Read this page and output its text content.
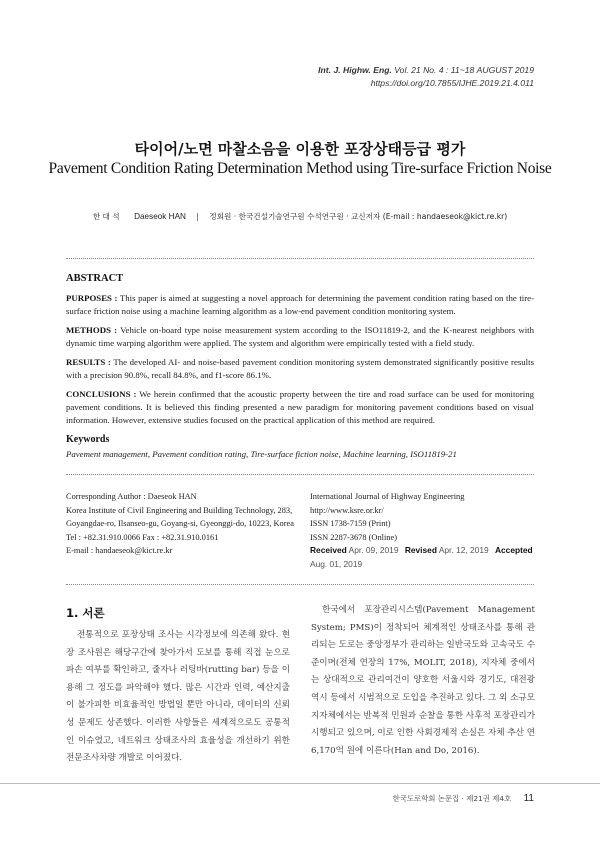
Int. J. Highw. Eng. Vol. 21 No. 4 : 11~18 AUGUST 2019
https://doi.org/10.7855/IJHE.2019.21.4.011
타이어/노면 마찰소음을 이용한 포장상태등급 평가
Pavement Condition Rating Determination Method using Tire-surface Friction Noise
한 대 석 Daeseok HAN | 정회원 · 한국건설기술연구원 수석연구원 · 교신저자 (E-mail : handaeseok@kict.re.kr)
ABSTRACT

PURPOSES : This paper is aimed at suggesting a novel approach for determining the pavement condition rating based on the tire-surface friction noise using a machine learning algorithm as a low-end pavement condition monitoring system.

METHODS : Vehicle on-board type noise measurement system according to the ISO11819-2, and the K-nearest neighbors with dynamic time warping algorithm were applied. The system and algorithm were empirically tested with a field study.

RESULTS : The developed AI- and noise-based pavement condition monitoring system demonstrated significantly positive results with a precision 90.8%, recall 84.8%, and f1-score 86.1%.

CONCLUSIONS : We herein confirmed that the acoustic property between the tire and road surface can be used for monitoring pavement conditions. It is believed this finding presented a new paradigm for monitoring pavement conditions based on visual information. However, extensive studies focused on the practical application of this method are required.

Keywords

Pavement management, Pavement condition rating, Tire-surface fiction noise, Machine learning, ISO11819-21

Corresponding Author : Daeseok HAN
Korea Institute of Civil Engineering and Building Technology, 283,
Goyangdae-ro, Ilsanseo-gu, Goyang-si, Gyeonggi-do, 10223, Korea
Tel : +82.31.910.0066 Fax : +82.31.910.0161
E-mail : handaeseok@kict.re.kr
International Journal of Highway Engineering
http://www.ksre.or.kr/
ISSN 1738-7159 (Print)
ISSN 2287-3678 (Online)
Received Apr. 09, 2019 Revised Apr. 12, 2019 Accepted Aug. 01, 2019
1. 서론
전통적으로 포장상태 조사는 시각정보에 의존해 왔다. 현장 조사원은 해당구간에 찾아가서 도보를 통해 직접 눈으로 파손 여부를 확인하고, 줄자나 러팅바(rutting bar) 등을 이용해 그 정도를 파악해야 했다. 많은 시간과 인력, 예산지출이 불가피한 비효율적인 방법일 뿐만 아니라, 데이터의 신뢰성 문제도 상존했다. 이러한 사항들은 세계적으로도 공통적인 이슈였고, 네트워크 상태조사의 효율성을 개선하기 위한 전문조사차량 개발로 이어졌다.
한국에서 포장관리시스템(Pavement Management System; PMS)이 정착되어 체계적인 상태조사를 통해 관리되는 도로는 중앙정부가 관리하는 일반국도와 고속국도 수준이며(전체 연장의 17%, MOLIT, 2018), 지자체 중에서는 상대적으로 관리여건이 양호한 서울시와 경기도, 대전광역시 등에서 시범적으로 도입을 추진하고 있다. 그 외 소규모 지자체에서는 반복적 민원과 순찰을 통한 사후적 포장관리가 시행되고 있으며, 이로 인한 사회경제적 손실은 자체 추산 연 6,170억 원에 이른다(Han and Do, 2016).
한국도로학회 논문집 · 제21권 제4호 11
